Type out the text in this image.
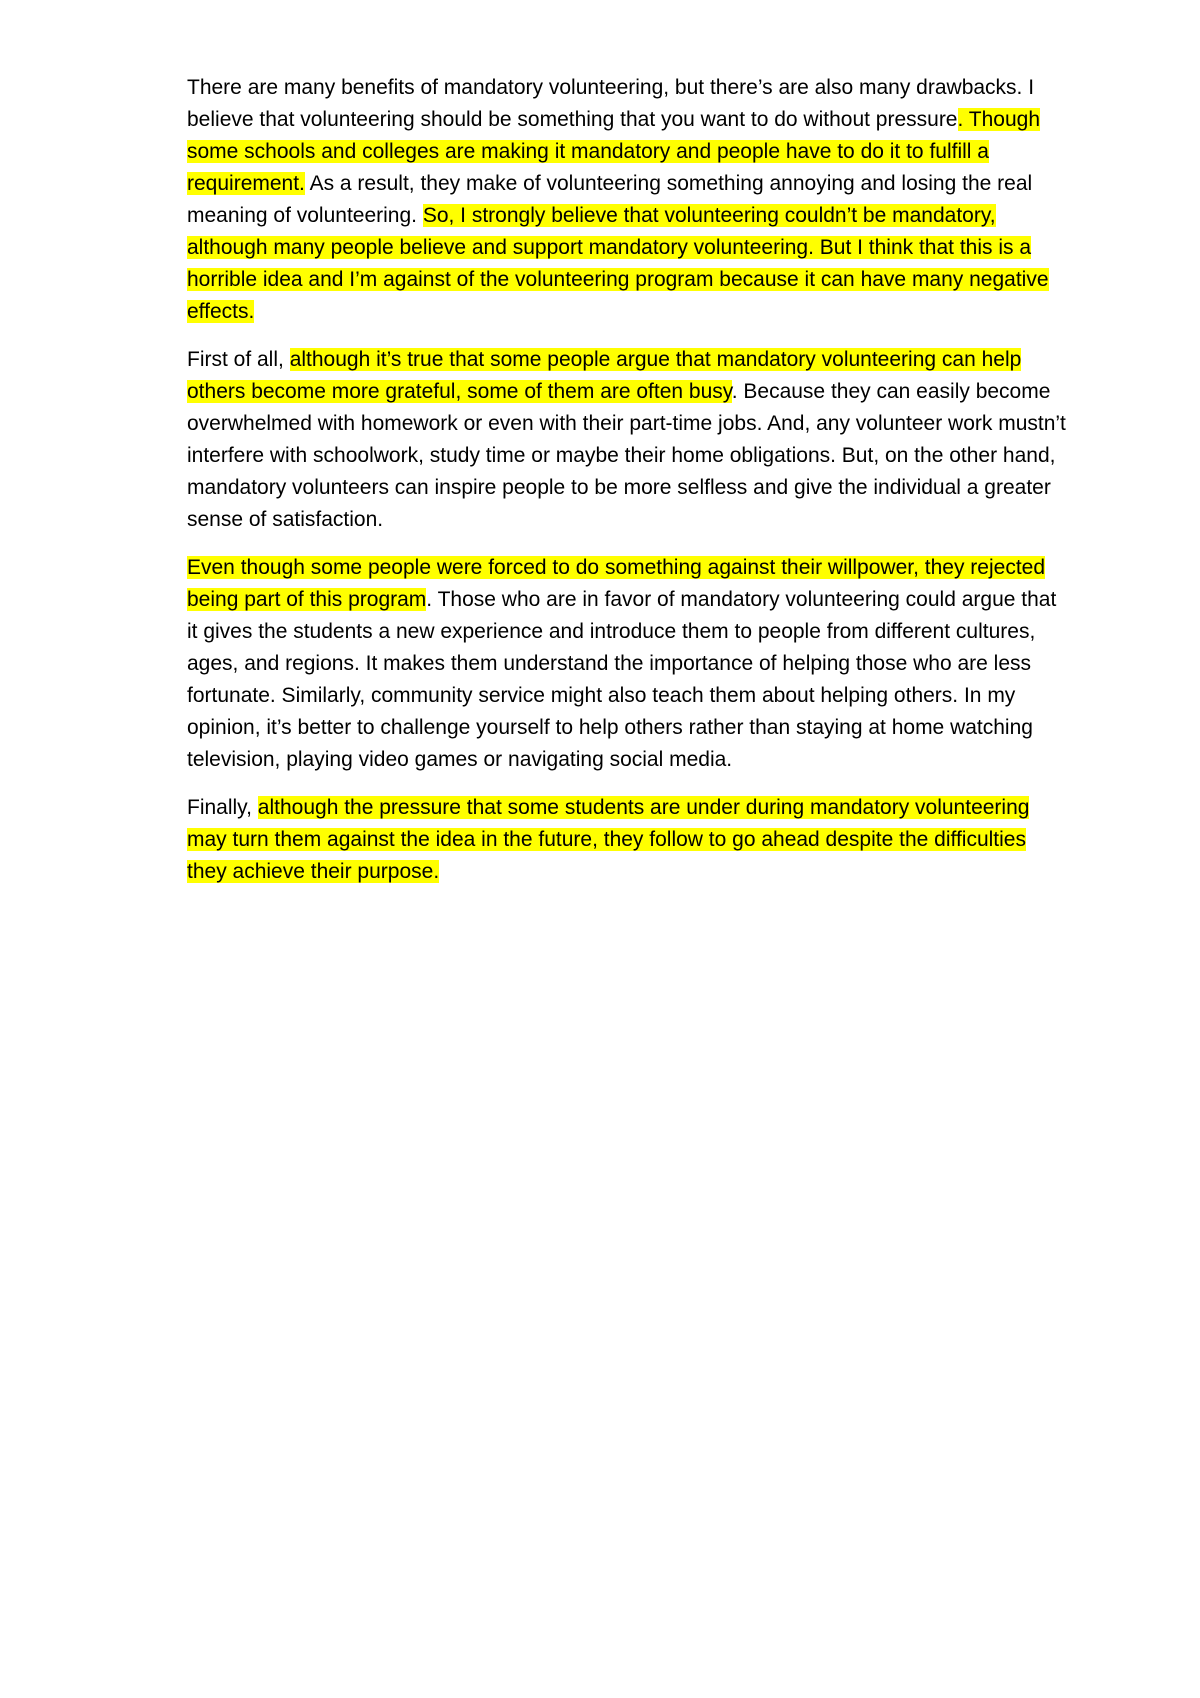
There are many benefits of mandatory volunteering, but there’s are also many drawbacks. I believe that volunteering should be something that you want to do without pressure. Though some schools and colleges are making it mandatory and people have to do it to fulfill a requirement. As a result, they make of volunteering something annoying and losing the real meaning of volunteering. So, I strongly believe that volunteering couldn’t be mandatory, although many people believe and support mandatory volunteering. But I think that this is a horrible idea and I’m against of the volunteering program because it can have many negative effects.

First of all, although it’s true that some people argue that mandatory volunteering can help others become more grateful, some of them are often busy. Because they can easily become overwhelmed with homework or even with their part-time jobs. And, any volunteer work mustn’t interfere with schoolwork, study time or maybe their home obligations. But, on the other hand, mandatory volunteers can inspire people to be more selfless and give the individual a greater sense of satisfaction.

Even though some people were forced to do something against their willpower, they rejected being part of this program. Those who are in favor of mandatory volunteering could argue that it gives the students a new experience and introduce them to people from different cultures, ages, and regions. It makes them understand the importance of helping those who are less fortunate. Similarly, community service might also teach them about helping others. In my opinion, it’s better to challenge yourself to help others rather than staying at home watching television, playing video games or navigating social media.

Finally, although the pressure that some students are under during mandatory volunteering may turn them against the idea in the future, they follow to go ahead despite the difficulties they achieve their purpose.
